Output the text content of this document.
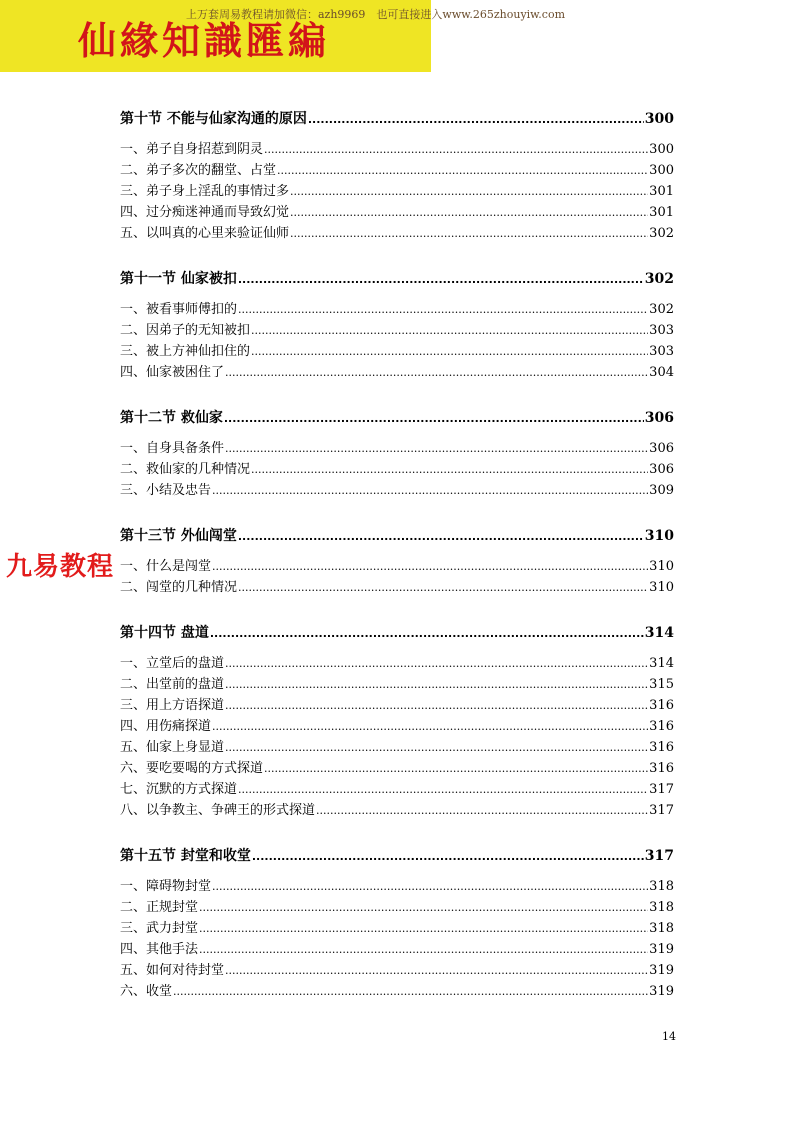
仙緣知識匯編
上万套周易教程请加微信：azh9969　也可直接进入www.265zhouyiw.com
九易教程
第十节 不能与仙家沟通的原因 .....	300
一、弟子自身招惹到阴灵 .....	300
二、弟子多次的翻堂、占堂 .....	300
三、弟子身上淫乱的事情过多 .....	301
四、过分痴迷神通而导致幻觉 .....	301
五、以叫真的心里来验证仙师 .....	302
第十一节 仙家被扣 .....	302
一、被看事师傅扣的 .....	302
二、因弟子的无知被扣 .....	303
三、被上方神仙扣住的 .....	303
四、仙家被困住了 .....	304
第十二节 救仙家 .....	306
一、自身具备条件 .....	306
二、救仙家的几种情况 .....	306
三、小结及忠告 .....	309
第十三节 外仙闯堂 .....	310
一、什么是闯堂 .....	310
二、闯堂的几种情况 .....	310
第十四节 盘道 .....	314
一、立堂后的盘道 .....	314
二、出堂前的盘道 .....	315
三、用上方语探道 .....	316
四、用伤痛探道 .....	316
五、仙家上身显道 .....	316
六、要吃要喝的方式探道 .....	316
七、沉默的方式探道 .....	317
八、以争教主、争碑王的形式探道 .....	317
第十五节 封堂和收堂 .....	317
一、障碍物封堂 .....	318
二、正规封堂 .....	318
三、武力封堂 .....	318
四、其他手法 .....	319
五、如何对待封堂 .....	319
六、收堂 .....	319
14
